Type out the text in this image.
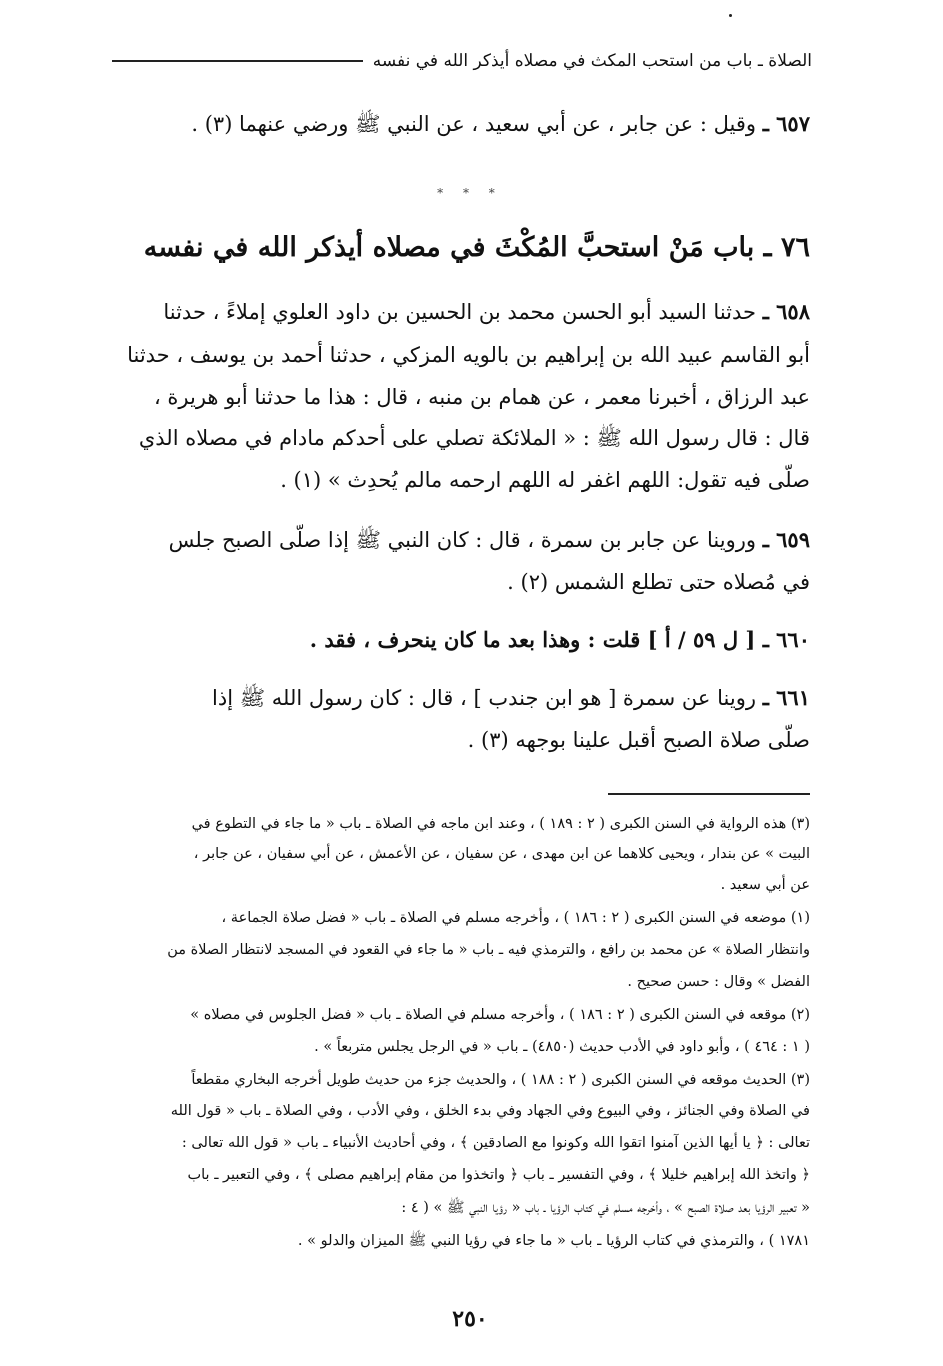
الصلاة ـ باب من استحب المكث في مصلاه أيذكر الله في نفسه
٦٥٧ ـ وقيل : عن جابر ، عن أبي سعيد ، عن النبي ﷺ ورضي عنهما (٣) .
* * *
٧٦ ـ باب مَنْ استحبَّ المُكْثَ في مصلاه أيذكر الله في نفسه
٦٥٨ ـ حدثنا السيد أبو الحسن محمد بن الحسين بن داود العلوي إملاءً ، حدثنا
أبو القاسم عبيد الله بن إبراهيم بن بالويه المزكي ، حدثنا أحمد بن يوسف ، حدثنا
عبد الرزاق ، أخبرنا معمر ، عن همام بن منبه ، قال : هذا ما حدثنا أبو هريرة ،
قال : قال رسول الله ﷺ : « الملائكة تصلي على أحدكم مادام في مصلاه الذي
صلّى فيه تقول: اللهم اغفر له اللهم ارحمه مالم يُحدِث » (١) .
٦٥٩ ـ وروينا عن جابر بن سمرة ، قال : كان النبي ﷺ إذا صلّى الصبح جلس
في مُصلاه حتى تطلع الشمس (٢) .
٦٦٠ ـ [ ل ٥٩ / أ ] قلت : وهذا بعد ما كان ينحرف ، فقد .
٦٦١ ـ روينا عن سمرة [ هو ابن جندب ] ، قال : كان رسول الله ﷺ إذا
صلّى صلاة الصبح أقبل علينا بوجهه (٣) .
(٣) هذه الرواية في السنن الكبرى ( ٢ : ١٨٩ ) ، وعند ابن ماجه في الصلاة ـ باب « ما جاء في التطوع في
البيت » عن بندار ، ويحيى كلاهما عن ابن مهدى ، عن سفيان ، عن الأعمش ، عن أبي سفيان ، عن جابر ،
عن أبي سعيد .
(١) موضعه في السنن الكبرى ( ٢ : ١٨٦ ) ، وأخرجه مسلم في الصلاة ـ باب « فضل صلاة الجماعة ،
وانتظار الصلاة » عن محمد بن رافع ، والترمذي فيه ـ باب « ما جاء في القعود في المسجد لانتظار الصلاة من
الفضل » وقال : حسن صحيح .
(٢) موقعه في السنن الكبرى ( ٢ : ١٨٦ ) ، وأخرجه مسلم في الصلاة ـ باب « فضل الجلوس في مصلاه »
( ١ : ٤٦٤ ) ، وأبو داود في الأدب حديث (٤٨٥٠) ـ باب « في الرجل يجلس متربعاً » .
(٣) الحديث موقعه في السنن الكبرى ( ٢ : ١٨٨ ) ، والحديث جزء من حديث طويل أخرجه البخاري مقطعاً
في الصلاة وفي الجنائز ، وفي البيوع وفي الجهاد وفي بدء الخلق ، وفي الأدب ، وفي الصلاة ـ باب « قول الله
تعالى : ﴿ يا أيها الذين آمنوا اتقوا الله وكونوا مع الصادقين ﴾ ، وفي أحاديث الأنبياء ـ باب « قول الله تعالى :
﴿ واتخذ الله إبراهيم خليلا ﴾ ، وفي التفسير ـ باب ﴿ واتخذوا من مقام إبراهيم مصلى ﴾ ، وفي التعبير ـ باب
« تعبير الرؤيا بعد صلاة الصبح » ، وأخرجه مسلم في كتاب الرؤيا ـ باب « رؤيا النبي ﷺ » ( ٤ :
١٧٨١ ) ، والترمذي في كتاب الرؤيا ـ باب « ما جاء في رؤيا النبي ﷺ الميزان والدلو » .
٢٥٠
